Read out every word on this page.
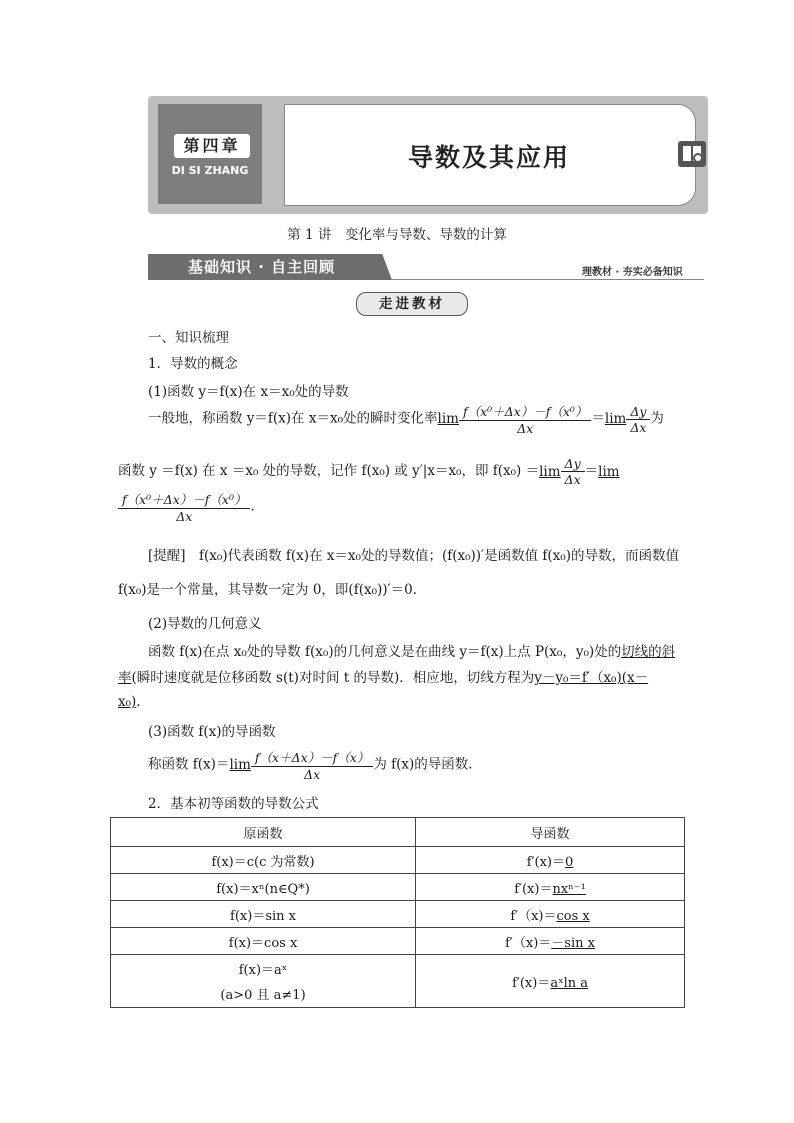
第四章
DI SI ZHANG	导数及其应用
第 1 讲　变化率与导数、导数的计算
基础知识 · 自主回顾	理教材 · 夯实必备知识
走进教材
一、知识梳理
1．导数的概念
(1)函数 y＝f(x)在 x＝x₀处的导数
一般地，称函数 y＝f(x)在 x＝x₀处的瞬时变化率$\lim \frac{\text{f（x⁰＋Δx）－f（x⁰）}}{\Delta x} =\lim \frac{\Delta y}{\Delta x}$ 为
函数 y ＝f(x) 在 x ＝x₀ 处的导数，记作 f(x₀) 或 y′|x＝x₀，即 $f(x_0) =\lim \frac{\Delta y}{\Delta x} =\lim$
$\frac{\text{f（x⁰＋Δx）－f（x⁰）}}{\Delta x}$ .
[提醒]　f(x₀)代表函数 f(x)在 x＝x₀处的导数值；(f(x₀))′是函数值 f(x₀)的导数，而函数值
f(x₀)是一个常量，其导数一定为 0，即(f(x₀))′＝0.
(2)导数的几何意义
函数 f(x)在点 x₀处的导数 f(x₀)的几何意义是在曲线 y＝f(x)上点 P(x₀，y₀)处的切线的斜
率(瞬时速度就是位移函数 s(t)对时间 t 的导数)．相应地，切线方程为y－y₀＝f′（x₀)(x－
x₀).
(3)函数 f(x)的导函数
称函数 $f(x)=\lim \frac{f(x+\Delta x)-f(x)}{\Delta x}$ 为 f(x)的导函数．
2．基本初等函数的导数公式
原函数	导函数
f(x)＝c(c 为常数)	f′(x)＝0
f(x)＝xⁿ(n∈Q*)	f′(x)＝nxⁿ⁻¹
f(x)＝sin x	f′（x)＝cos x
f(x)＝cos x	f′（x)＝－sin x

f(x)＝aˣ
(a>0 且 a≠1)	f′(x)＝aˣln a
